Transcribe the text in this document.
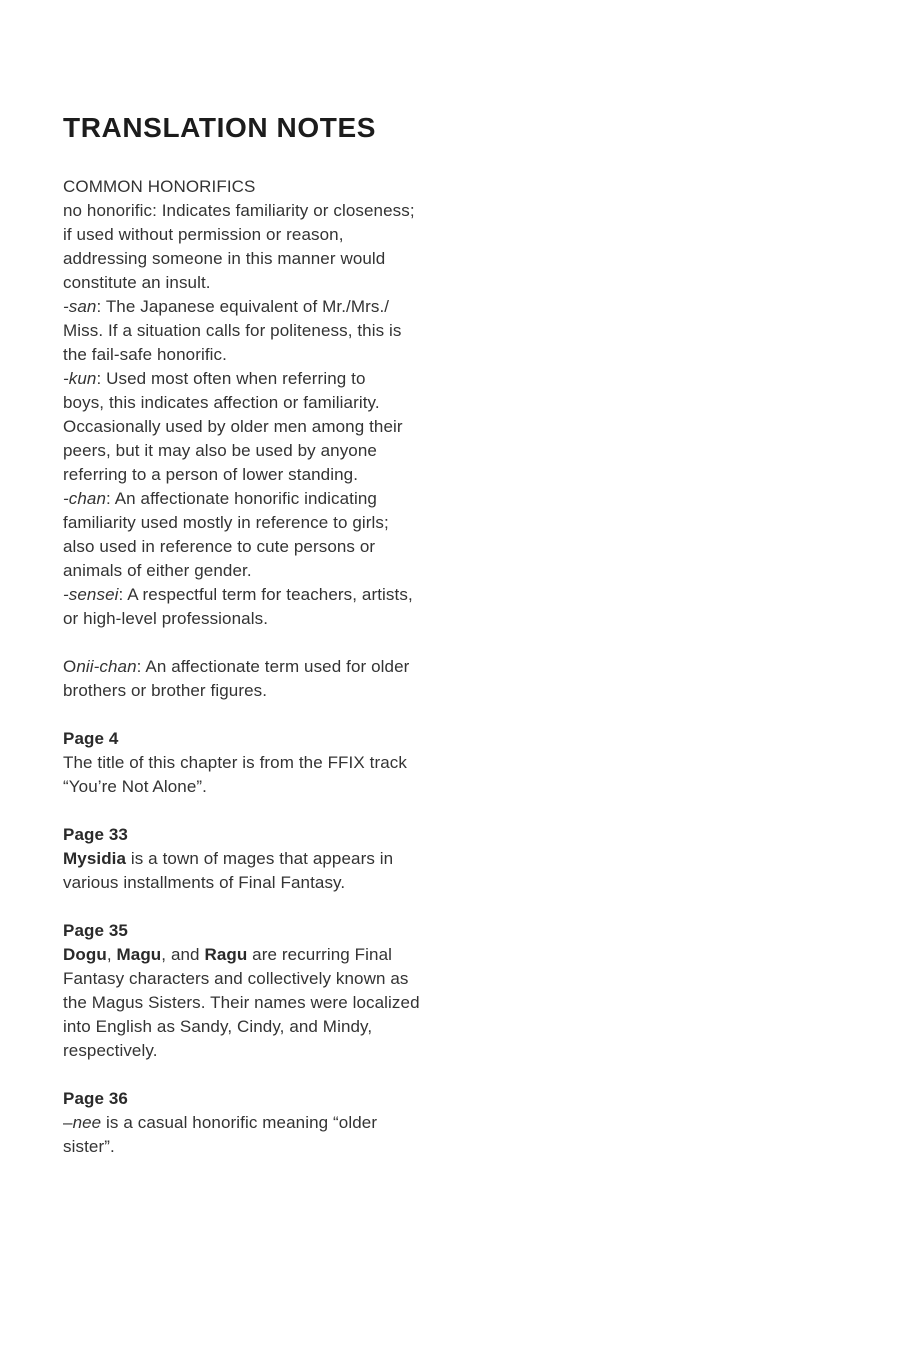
TRANSLATION NOTES
COMMON HONORIFICS
no honorific: Indicates familiarity or closeness;
if used without permission or reason,
addressing someone in this manner would
constitute an insult.
-san: The Japanese equivalent of Mr./Mrs./
Miss. If a situation calls for politeness, this is
the fail-safe honorific.
-kun: Used most often when referring to
boys, this indicates affection or familiarity.
Occasionally used by older men among their
peers, but it may also be used by anyone
referring to a person of lower standing.
-chan: An affectionate honorific indicating
familiarity used mostly in reference to girls;
also used in reference to cute persons or
animals of either gender.
-sensei: A respectful term for teachers, artists,
or high-level professionals.
Onii-chan: An affectionate term used for older
brothers or brother figures.
Page 4
The title of this chapter is from the FFIX track
“You’re Not Alone”.
Page 33
Mysidia is a town of mages that appears in
various installments of Final Fantasy.
Page 35
Dogu, Magu, and Ragu are recurring Final
Fantasy characters and collectively known as
the Magus Sisters. Their names were localized
into English as Sandy, Cindy, and Mindy,
respectively.
Page 36
–nee is a casual honorific meaning “older
sister”.
